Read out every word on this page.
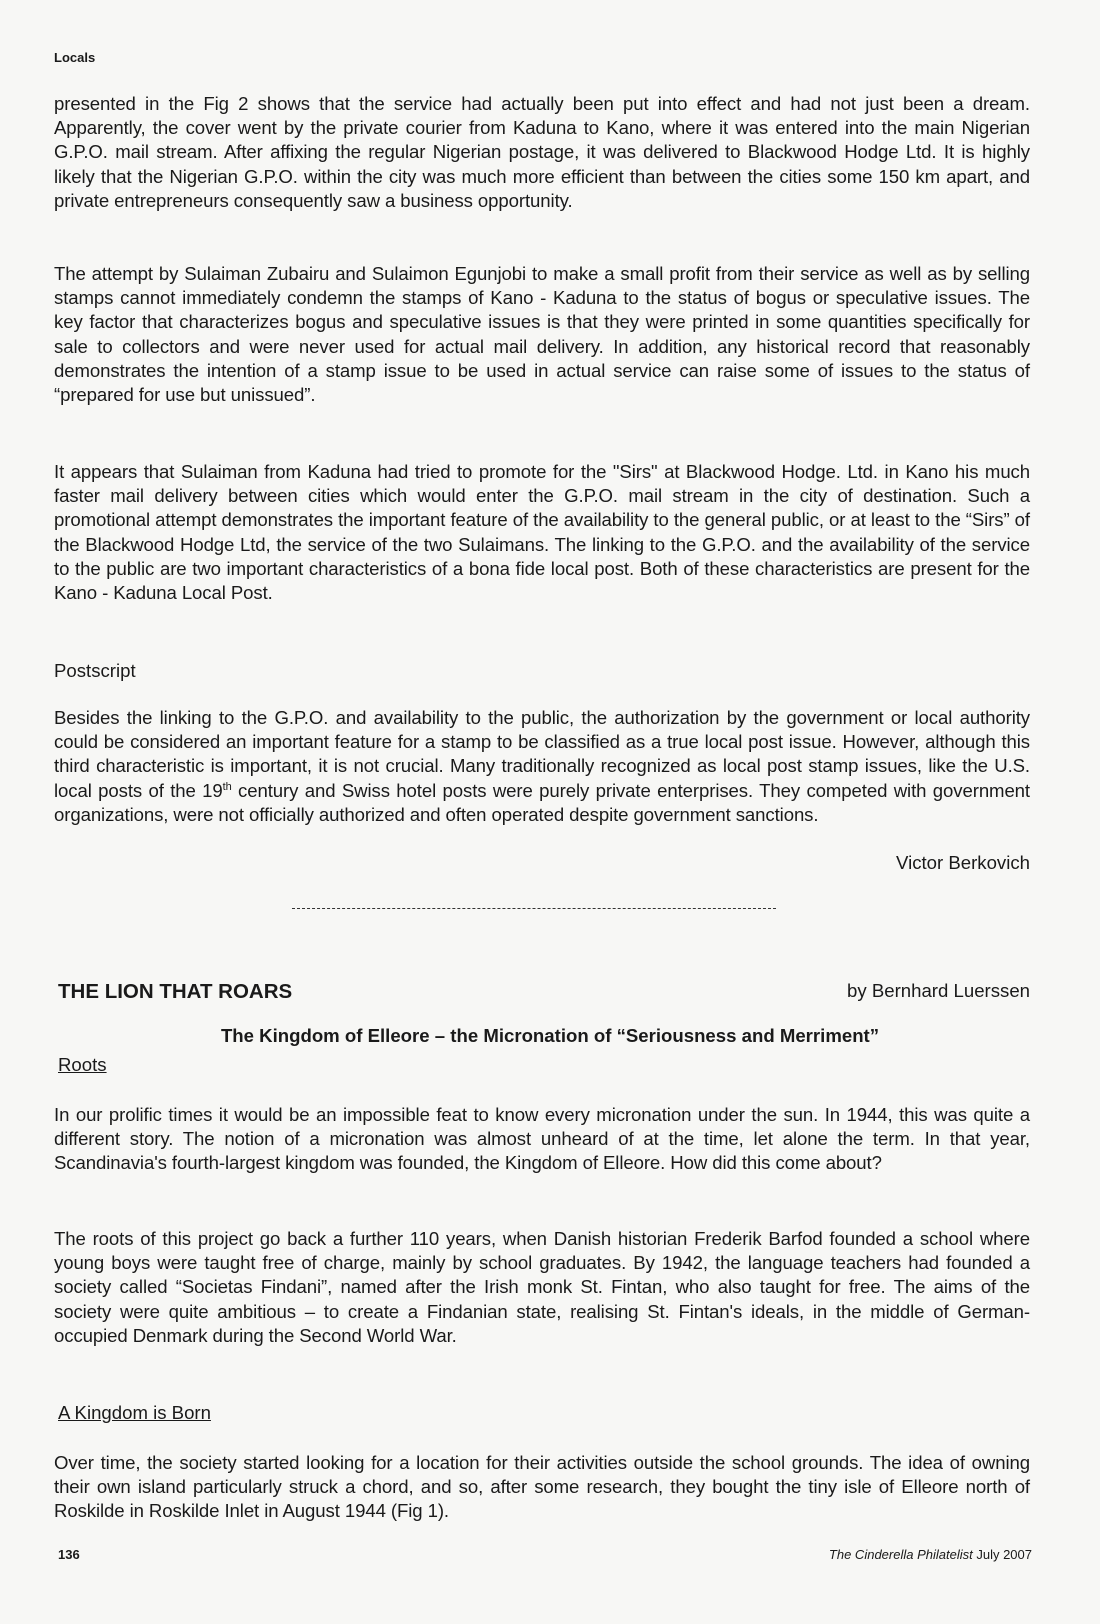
Locals

presented in the Fig 2 shows that the service had actually been put into effect and had not just been a dream. Apparently, the cover went by the private courier from Kaduna to Kano, where it was entered into the main Nigerian G.P.O. mail stream. After affixing the regular Nigerian postage, it was delivered to Blackwood Hodge Ltd. It is highly likely that the Nigerian G.P.O. within the city was much more efficient than between the cities some 150 km apart, and private entrepreneurs consequently saw a business opportunity.

The attempt by Sulaiman Zubairu and Sulaimon Egunjobi to make a small profit from their service as well as by selling stamps cannot immediately condemn the stamps of Kano - Kaduna to the status of bogus or speculative issues. The key factor that characterizes bogus and speculative issues is that they were printed in some quantities specifically for sale to collectors and were never used for actual mail delivery. In addition, any historical record that reasonably demonstrates the intention of a stamp issue to be used in actual service can raise some of issues to the status of “prepared for use but unissued”.

It appears that Sulaiman from Kaduna had tried to promote for the "Sirs" at Blackwood Hodge. Ltd. in Kano his much faster mail delivery between cities which would enter the G.P.O. mail stream in the city of destination. Such a promotional attempt demonstrates the important feature of the availability to the general public, or at least to the “Sirs” of the Blackwood Hodge Ltd, the service of the two Sulaimans. The linking to the G.P.O. and the availability of the service to the public are two important characteristics of a bona fide local post. Both of these characteristics are present for the Kano - Kaduna Local Post.

Postscript

Besides the linking to the G.P.O. and availability to the public, the authorization by the government or local authority could be considered an important feature for a stamp to be classified as a true local post issue. However, although this third characteristic is important, it is not crucial. Many traditionally recognized as local post stamp issues, like the U.S. local posts of the 19th century and Swiss hotel posts were purely private enterprises. They competed with government organizations, were not officially authorized and often operated despite government sanctions.

Victor Berkovich
THE LION THAT ROARS	by Bernhard Luerssen
The Kingdom of Elleore – the Micronation of “Seriousness and Merriment”
Roots

In our prolific times it would be an impossible feat to know every micronation under the sun. In 1944, this was quite a different story. The notion of a micronation was almost unheard of at the time, let alone the term. In that year, Scandinavia's fourth-largest kingdom was founded, the Kingdom of Elleore. How did this come about?

The roots of this project go back a further 110 years, when Danish historian Frederik Barfod founded a school where young boys were taught free of charge, mainly by school graduates. By 1942, the language teachers had founded a society called “Societas Findani”, named after the Irish monk St. Fintan, who also taught for free. The aims of the society were quite ambitious – to create a Findanian state, realising St. Fintan's ideals, in the middle of German-occupied Denmark during the Second World War.

A Kingdom is Born

Over time, the society started looking for a location for their activities outside the school grounds. The idea of owning their own island particularly struck a chord, and so, after some research, they bought the tiny isle of Elleore north of Roskilde in Roskilde Inlet in August 1944 (Fig 1).

136	The Cinderella Philatelist July 2007
